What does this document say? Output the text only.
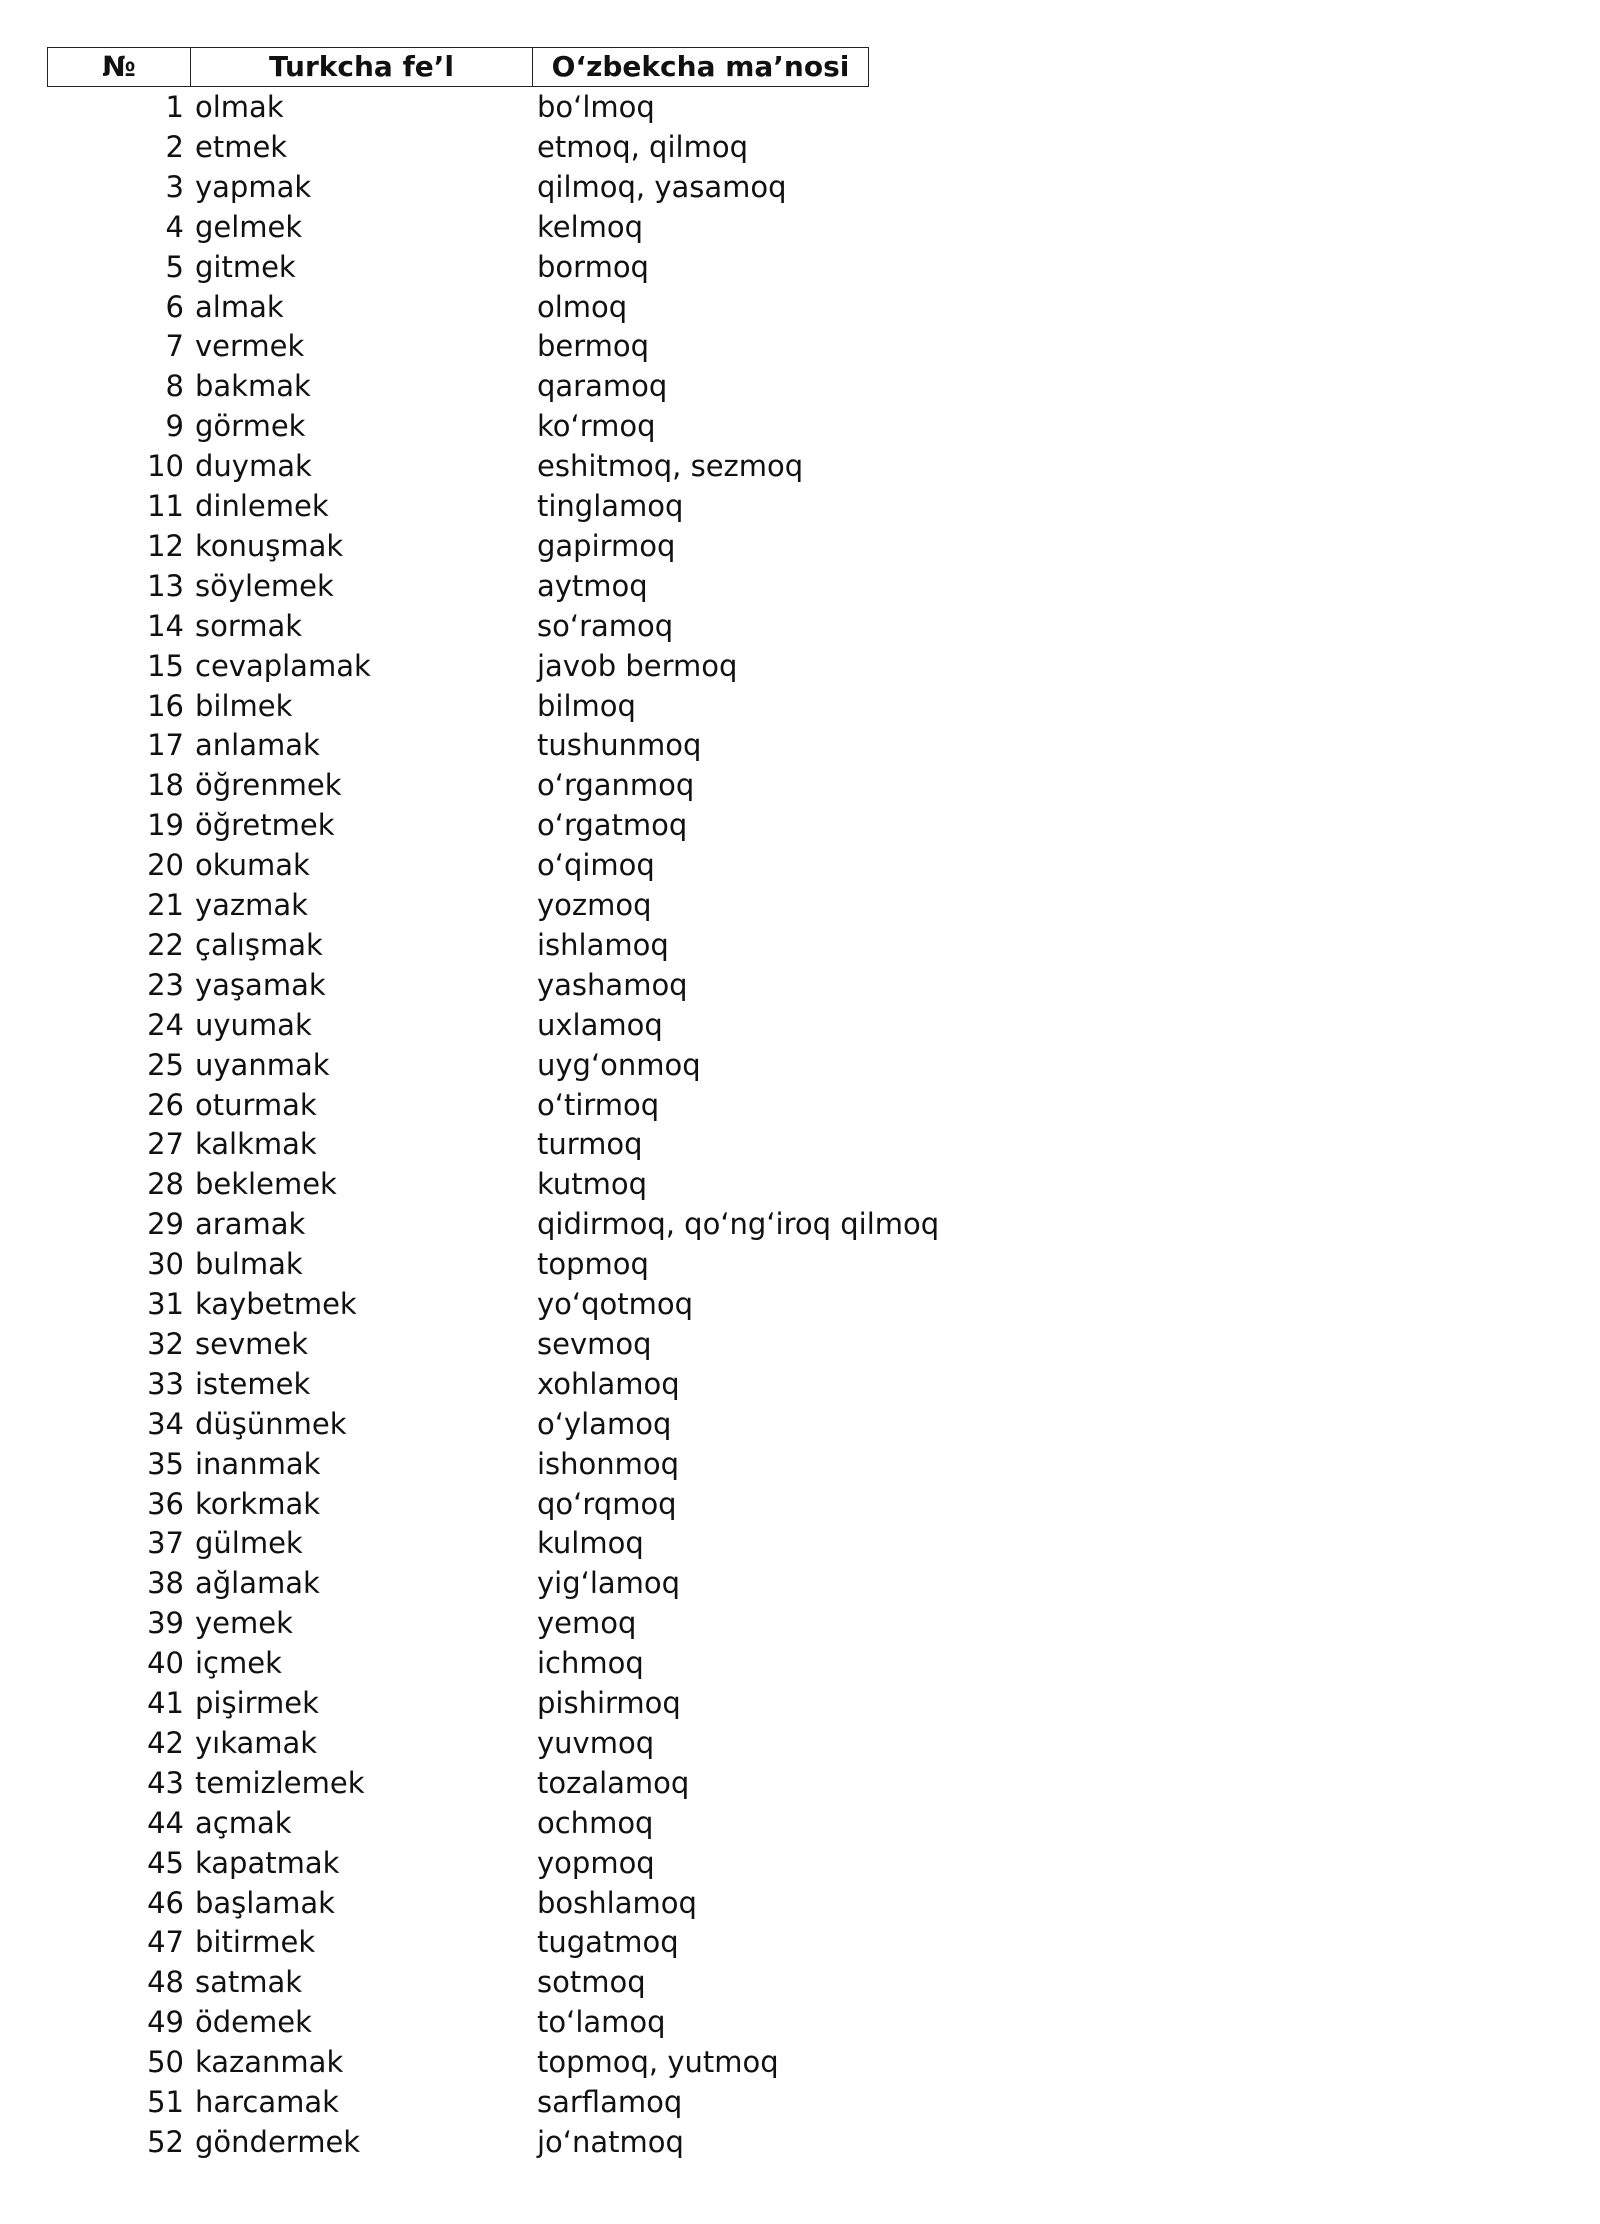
№	Turkcha fe’l	O‘zbekcha ma’nosi
1 olmak	bo‘lmoq
2 etmek	etmoq, qilmoq
3 yapmak	qilmoq, yasamoq
4 gelmek	kelmoq
5 gitmek	bormoq
6 almak	olmoq
7 vermek	bermoq
8 bakmak	qaramoq
9 görmek	ko‘rmoq
10 duymak	eshitmoq, sezmoq
11 dinlemek	tinglamoq
12 konuşmak	gapirmoq
13 söylemek	aytmoq
14 sormak	so‘ramoq
15 cevaplamak	javob bermoq
16 bilmek	bilmoq
17 anlamak	tushunmoq
18 öğrenmek	o‘rganmoq
19 öğretmek	o‘rgatmoq
20 okumak	o‘qimoq
21 yazmak	yozmoq
22 çalışmak	ishlamoq
23 yaşamak	yashamoq
24 uyumak	uxlamoq
25 uyanmak	uyg‘onmoq
26 oturmak	o‘tirmoq
27 kalkmak	turmoq
28 beklemek	kutmoq
29 aramak	qidirmoq, qo‘ng‘iroq qilmoq
30 bulmak	topmoq
31 kaybetmek	yo‘qotmoq
32 sevmek	sevmoq
33 istemek	xohlamoq
34 düşünmek	o‘ylamoq
35 inanmak	ishonmoq
36 korkmak	qo‘rqmoq
37 gülmek	kulmoq
38 ağlamak	yig‘lamoq
39 yemek	yemoq
40 içmek	ichmoq
41 pişirmek	pishirmoq
42 yıkamak	yuvmoq
43 temizlemek	tozalamoq
44 açmak	ochmoq
45 kapatmak	yopmoq
46 başlamak	boshlamoq
47 bitirmek	tugatmoq
48 satmak	sotmoq
49 ödemek	to‘lamoq
50 kazanmak	topmoq, yutmoq
51 harcamak	sarflamoq
52 göndermek	jo‘natmoq
